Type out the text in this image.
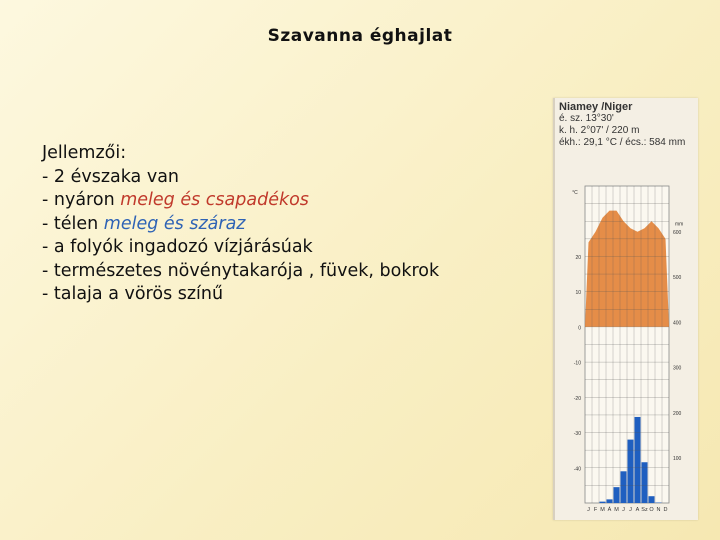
Szavanna éghajlat
Jellemzői:
- 2 évszaka van
- nyáron meleg és csapadékos
- télen meleg és száraz
- a folyók ingadozó vízjárásúak
- természetes növénytakarója , füvek, bokrok
- talaja a vörös színű
Niamey /Niger
é. sz. 13°30'
k. h. 2°07' / 220 m
ékh.: 29,1 °C / écs.: 584 mm
20
10
0
-10
-20
-30
-40
600
500
400
300
200
100
°C
mm
J F M Á M J J A Sz O N D
